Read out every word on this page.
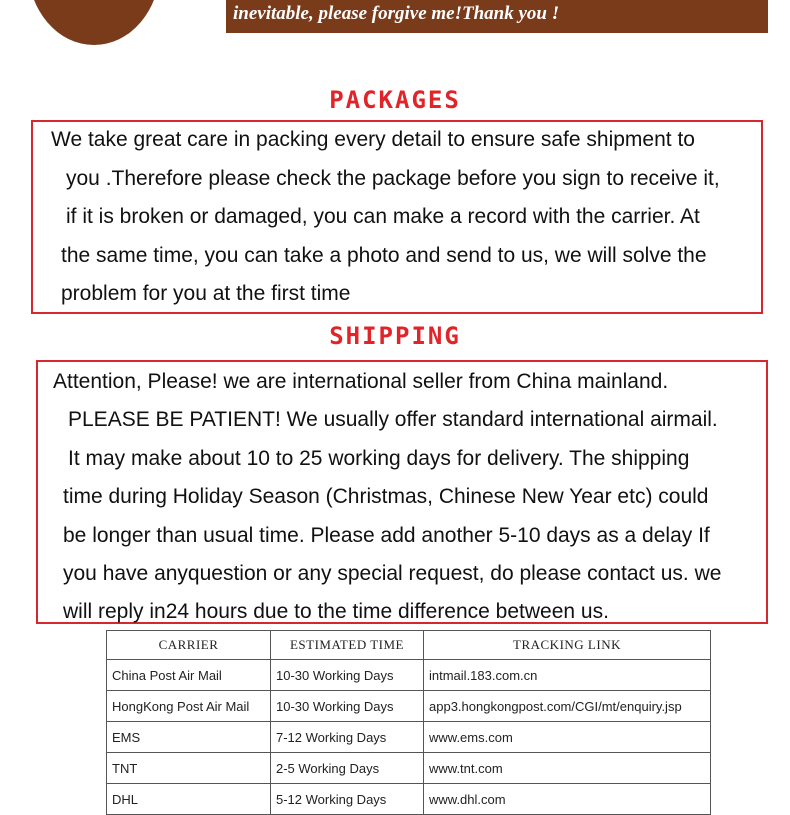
inevitable, please forgive me!Thank you !
PACKAGES
We take great care in packing every detail to ensure safe shipment to
you .Therefore please check the package before you sign to receive it,
if it is broken or damaged, you can make a record with the carrier. At
the same time, you can take a photo and send to us, we will solve the
problem for you at the first time
SHIPPING
Attention, Please! we are international seller from China mainland.
PLEASE BE PATIENT! We usually offer standard international airmail.
It may make about 10 to 25 working days for delivery. The shipping
time during Holiday Season (Christmas, Chinese New Year etc) could
be longer than usual time. Please add another 5-10 days as a delay If
you have anyquestion or any special request, do please contact us. we
will reply in24 hours due to the time difference between us.
CARRIER	ESTIMATED TIME	TRACKING LINK
China Post Air Mail	10-30 Working Days	intmail.183.com.cn
HongKong Post Air Mail	10-30 Working Days	app3.hongkongpost.com/CGI/mt/enquiry.jsp
EMS	7-12 Working Days	www.ems.com
TNT	2-5 Working Days	www.tnt.com
DHL	5-12 Working Days	www.dhl.com
